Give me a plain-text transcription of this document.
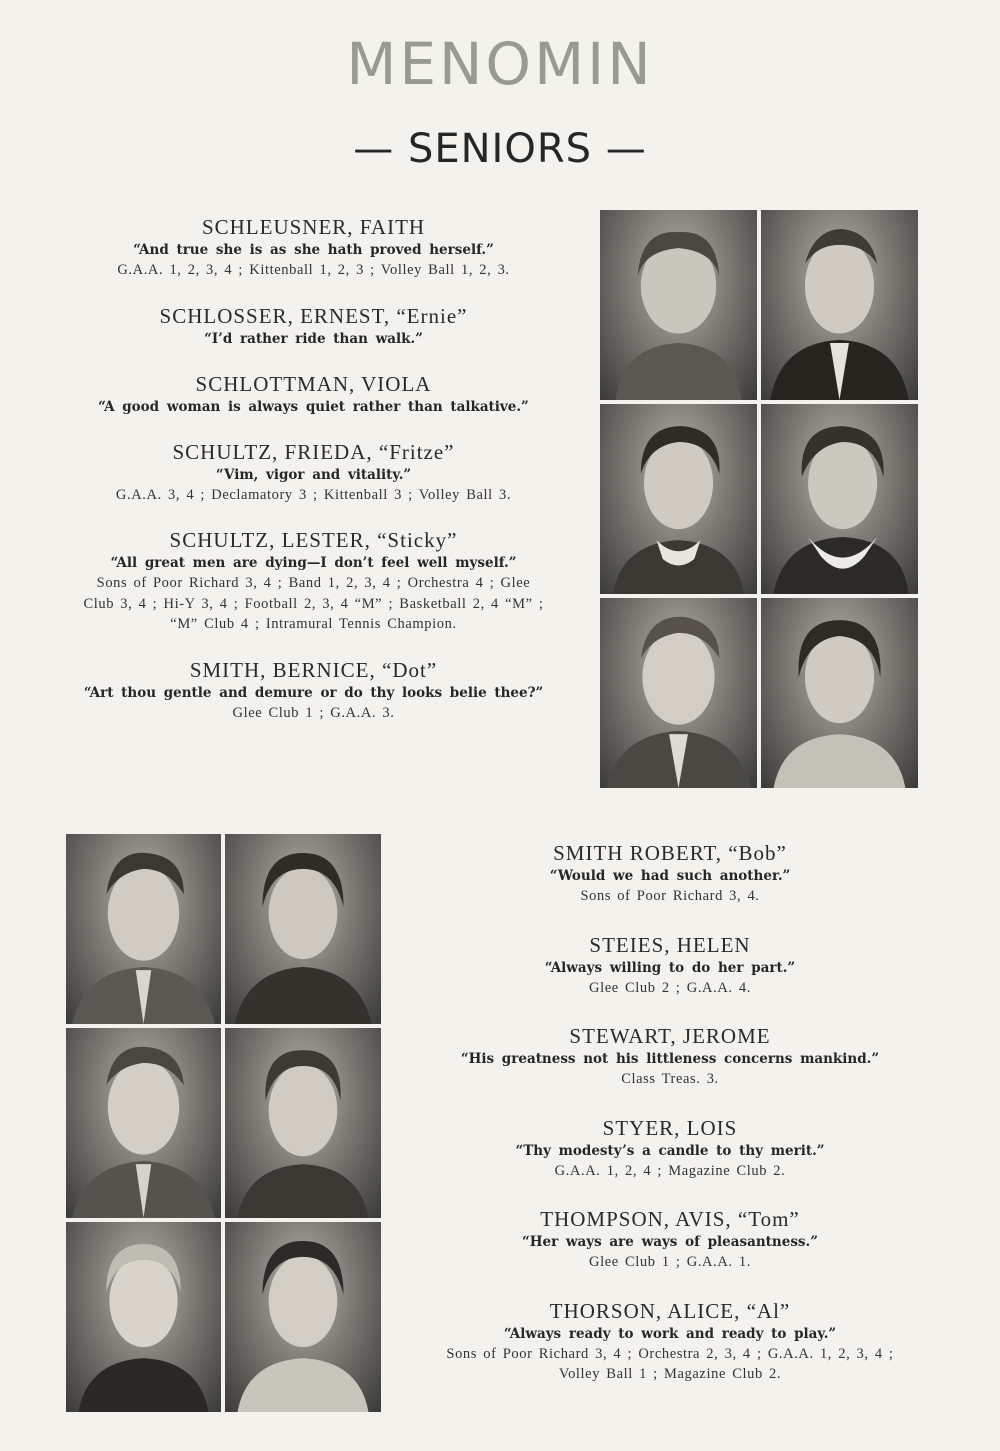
MENOMIN
— SENIORS —
SCHLEUSNER, FAITH
“And true she is as she hath proved herself.”
G.A.A. 1, 2, 3, 4 ; Kittenball 1, 2, 3 ; Volley Ball 1, 2, 3.
SCHLOSSER, ERNEST, “Ernie”
“I’d rather ride than walk.”
SCHLOTTMAN, VIOLA
“A good woman is always quiet rather than talkative.”
SCHULTZ, FRIEDA, “Fritze”
“Vim, vigor and vitality.”
G.A.A. 3, 4 ; Declamatory 3 ; Kittenball 3 ; Volley Ball 3.
SCHULTZ, LESTER, “Sticky”
“All great men are dying—I don’t feel well myself.”
Sons of Poor Richard 3, 4 ; Band 1, 2, 3, 4 ; Orchestra 4 ; Glee
Club 3, 4 ; Hi-Y 3, 4 ; Football 2, 3, 4 “M” ; Basketball 2, 4 “M” ;
“M” Club 4 ; Intramural Tennis Champion.
SMITH, BERNICE, “Dot”
“Art thou gentle and demure or do thy looks belie thee?”
Glee Club 1 ; G.A.A. 3.
SMITH ROBERT, “Bob”
“Would we had such another.”
Sons of Poor Richard 3, 4.
STEIES, HELEN
“Always willing to do her part.”
Glee Club 2 ; G.A.A. 4.
STEWART, JEROME
“His greatness not his littleness concerns mankind.”
Class Treas. 3.
STYER, LOIS
“Thy modesty’s a candle to thy merit.”
G.A.A. 1, 2, 4 ; Magazine Club 2.
THOMPSON, AVIS, “Tom”
“Her ways are ways of pleasantness.”
Glee Club 1 ; G.A.A. 1.
THORSON, ALICE, “Al”
“Always ready to work and ready to play.”
Sons of Poor Richard 3, 4 ; Orchestra 2, 3, 4 ; G.A.A. 1, 2, 3, 4 ;
Volley Ball 1 ; Magazine Club 2.
